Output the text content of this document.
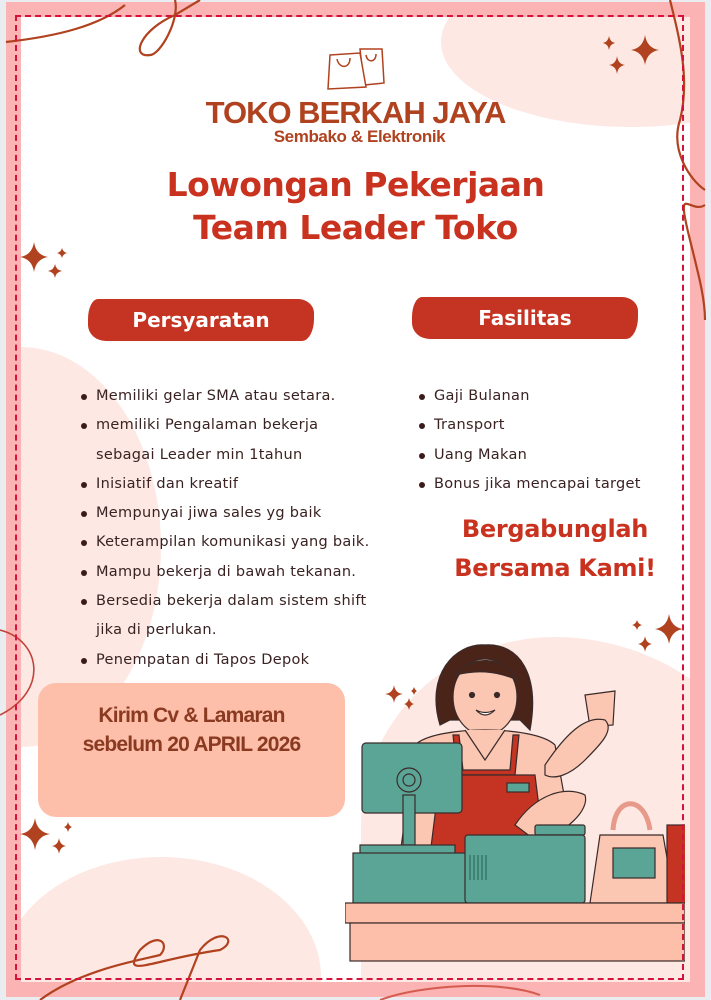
TOKO BERKAH JAYA
Sembako & Elektronik
Lowongan Pekerjaan
Team Leader Toko
Persyaratan	Fasilitas
Memiliki gelar SMA atau setara.
memiliki Pengalaman bekerja
sebagai Leader min 1tahun
Inisiatif dan kreatif
Mempunyai jiwa sales yg baik
Keterampilan komunikasi yang baik.
Mampu bekerja di bawah tekanan.
Bersedia bekerja dalam sistem shift
jika di perlukan.
Penempatan di Tapos Depok
Gaji Bulanan
Transport
Uang Makan
Bonus jika mencapai target
Bergabunglah
Bersama Kami!
Kirim Cv & Lamaran
sebelum 20 APRIL 2026
